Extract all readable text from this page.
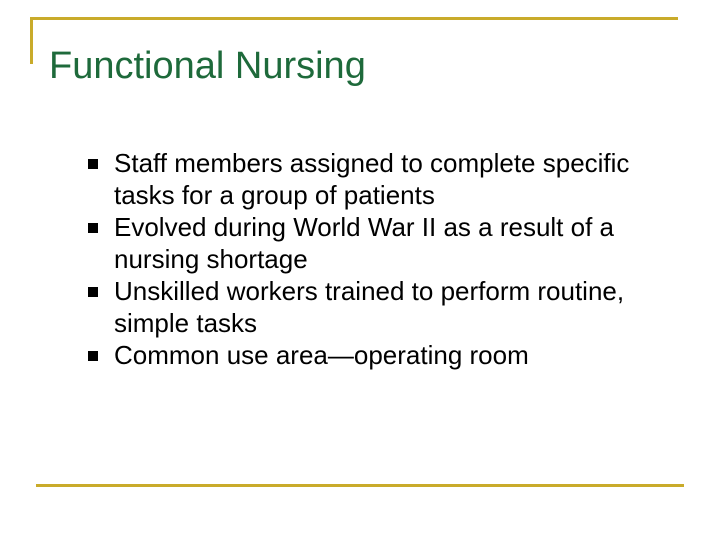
Functional Nursing
Staff members assigned to complete specific tasks for a group of patients
Evolved during World War II as a result of a nursing shortage
Unskilled workers trained to perform routine, simple tasks
Common use area—operating room
